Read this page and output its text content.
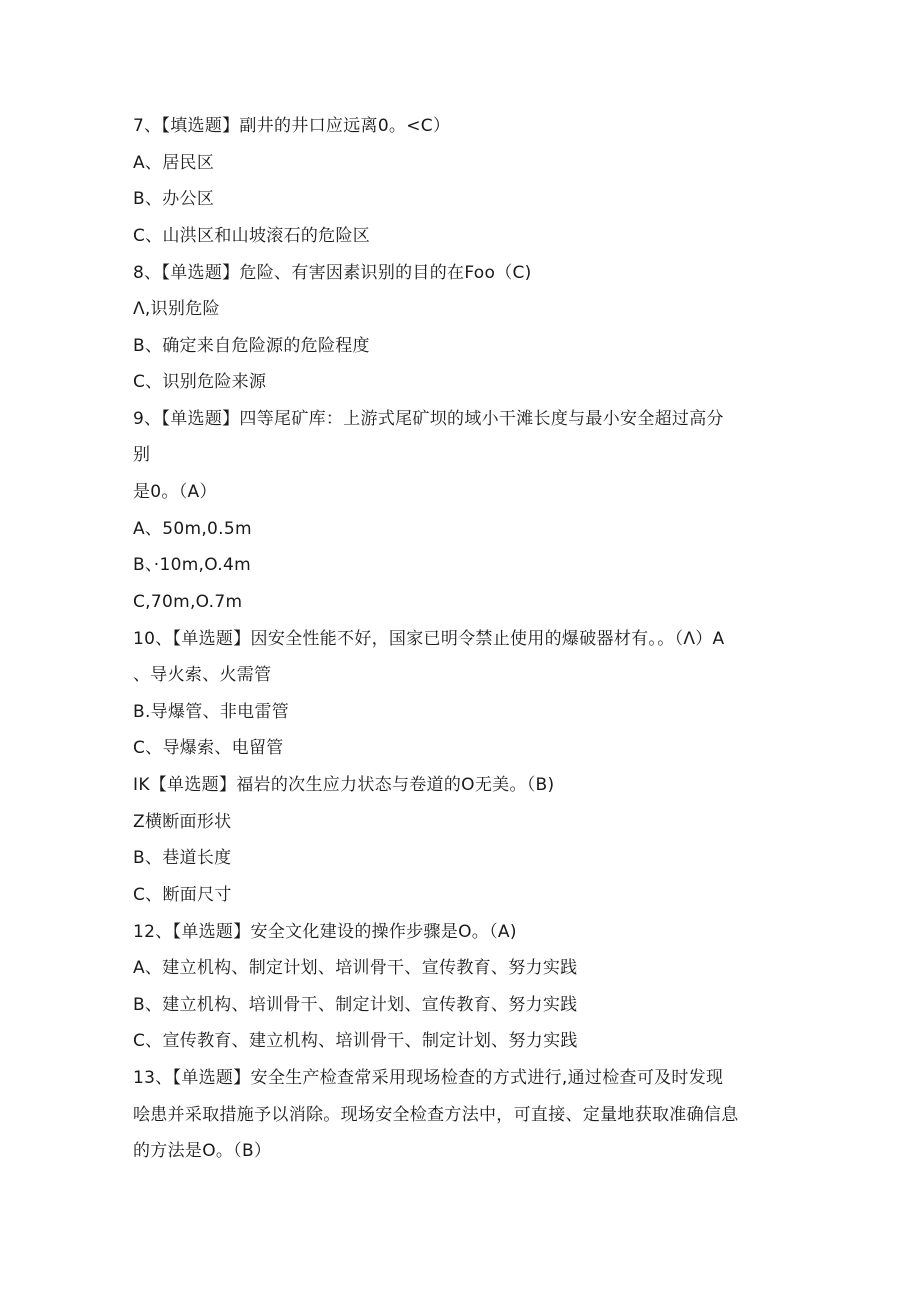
7、【填选题】副井的井口应远离0。<C）
A、居民区
B、办公区
C、山洪区和山坡滚石的危险区
8、【单选题】危险、有害因素识别的目的在Foo（C)
Λ,识别危险
B、确定来自危险源的危险程度
C、识别危险来源
9、【单选题】四等尾矿库：上游式尾矿坝的域小干滩长度与最小安全超过高分
别
是0。（A）
A、50m,0.5m
B、·10m,O.4m
C,70m,O.7m
10、【单选题】因安全性能不好，国家已明令禁止使用的爆破器材有。。（Λ）A
、导火索、火需管
B.导爆管、非电雷管
C、导爆索、电留管
IK【单选题】福岩的次生应力状态与卷道的O无美。（B)
Z横断面形状
B、巷道长度
C、断面尺寸
12、【单选题】安全文化建设的操作步骤是O。（A)
A、建立机构、制定计划、培训骨干、宣传教育、努力实践
B、建立机构、培训骨干、制定计划、宣传教育、努力实践
C、宣传教育、建立机构、培训骨干、制定计划、努力实践
13、【单选题】安全生产检查常采用现场检查的方式进行,通过检查可及时发现
哙患并采取措施予以消除。现场安全检查方法中，可直接、定量地获取准确信息
的方法是O。（B）
